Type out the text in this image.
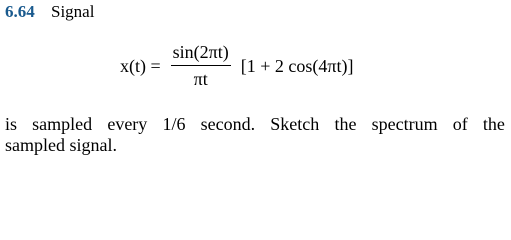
6.64 Signal
$x(t) = \frac{\sin(2\pi t)}{\pi t} [1 + 2$ cos(4πt)]
is sampled every 1/6 second. Sketch the spectrum of the
sampled signal.
